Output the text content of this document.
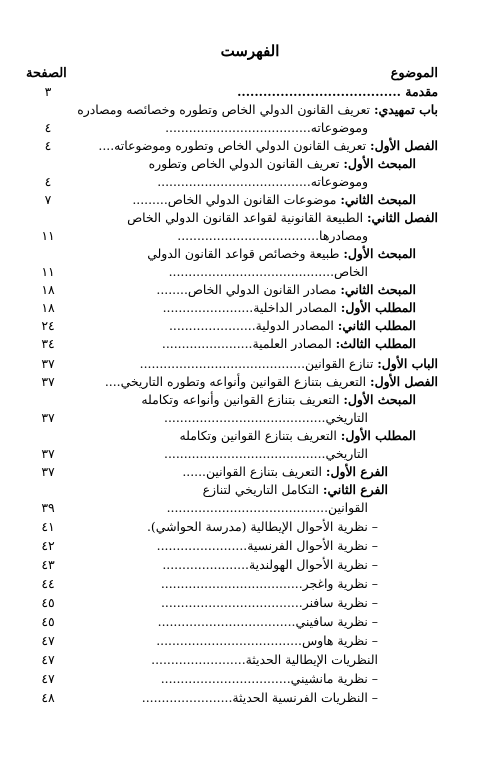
الفهرست
الموضوع
الصفحة
مقدمة ......................................
٣
باب تمهيدي: تعريف القانون الدولي الخاص وتطوره وخصائصه ومصادره
وموضوعاته.....................................
٤
الفصل الأول: تعريف القانون الدولي الخاص وتطوره وموضوعاته....
٤
المبحث الأول: تعريف القانون الدولي الخاص وتطوره
وموضوعاته.......................................
٤
المبحث الثاني: موضوعات القانون الدولي الخاص.........
٧
الفصل الثاني: الطبيعة القانونية لقواعد القانون الدولي الخاص
ومصادرها....................................
١١
المبحث الأول: طبيعة وخصائص قواعد القانون الدولي
الخاص..........................................
١١
المبحث الثاني: مصادر القانون الدولي الخاص........
١٨
المطلب الأول: المصادر الداخلية.......................
١٨
المطلب الثاني: المصادر الدولية......................
٢٤
المطلب الثالث: المصادر العلمية.......................
٣٤
الباب الأول: تنازع القوانين..........................................
٣٧
الفصل الأول: التعريف بتنازع القوانين وأنواعه وتطوره التاريخي....
٣٧
المبحث الأول: التعريف بتنازع القوانين وأنواعه وتكامله
التاريخي.........................................
٣٧
المطلب الأول: التعريف بتنازع القوانين وتكامله
التاريخي.........................................
٣٧
الفرع الأول: التعريف بتنازع القوانين......
٣٧
الفرع الثاني: التكامل التاريخي لتنازع
القوانين.........................................
٣٩
– نظرية الأحوال الإيطالية (مدرسة الحواشي).
٤١
– نظرية الأحوال الفرنسية.......................
٤٢
– نظرية الأحوال الهولندية......................
٤٣
– نظرية واغجر....................................
٤٤
– نظرية سافنر....................................
٤٥
– نظرية سافيني...................................
٤٥
– نظرية هاوس.....................................
٤٧
النظريات الإيطالية الحديثة........................
٤٧
– نظرية مانشيني.................................
٤٧
– النظريات الفرنسية الحديثة.......................
٤٨
